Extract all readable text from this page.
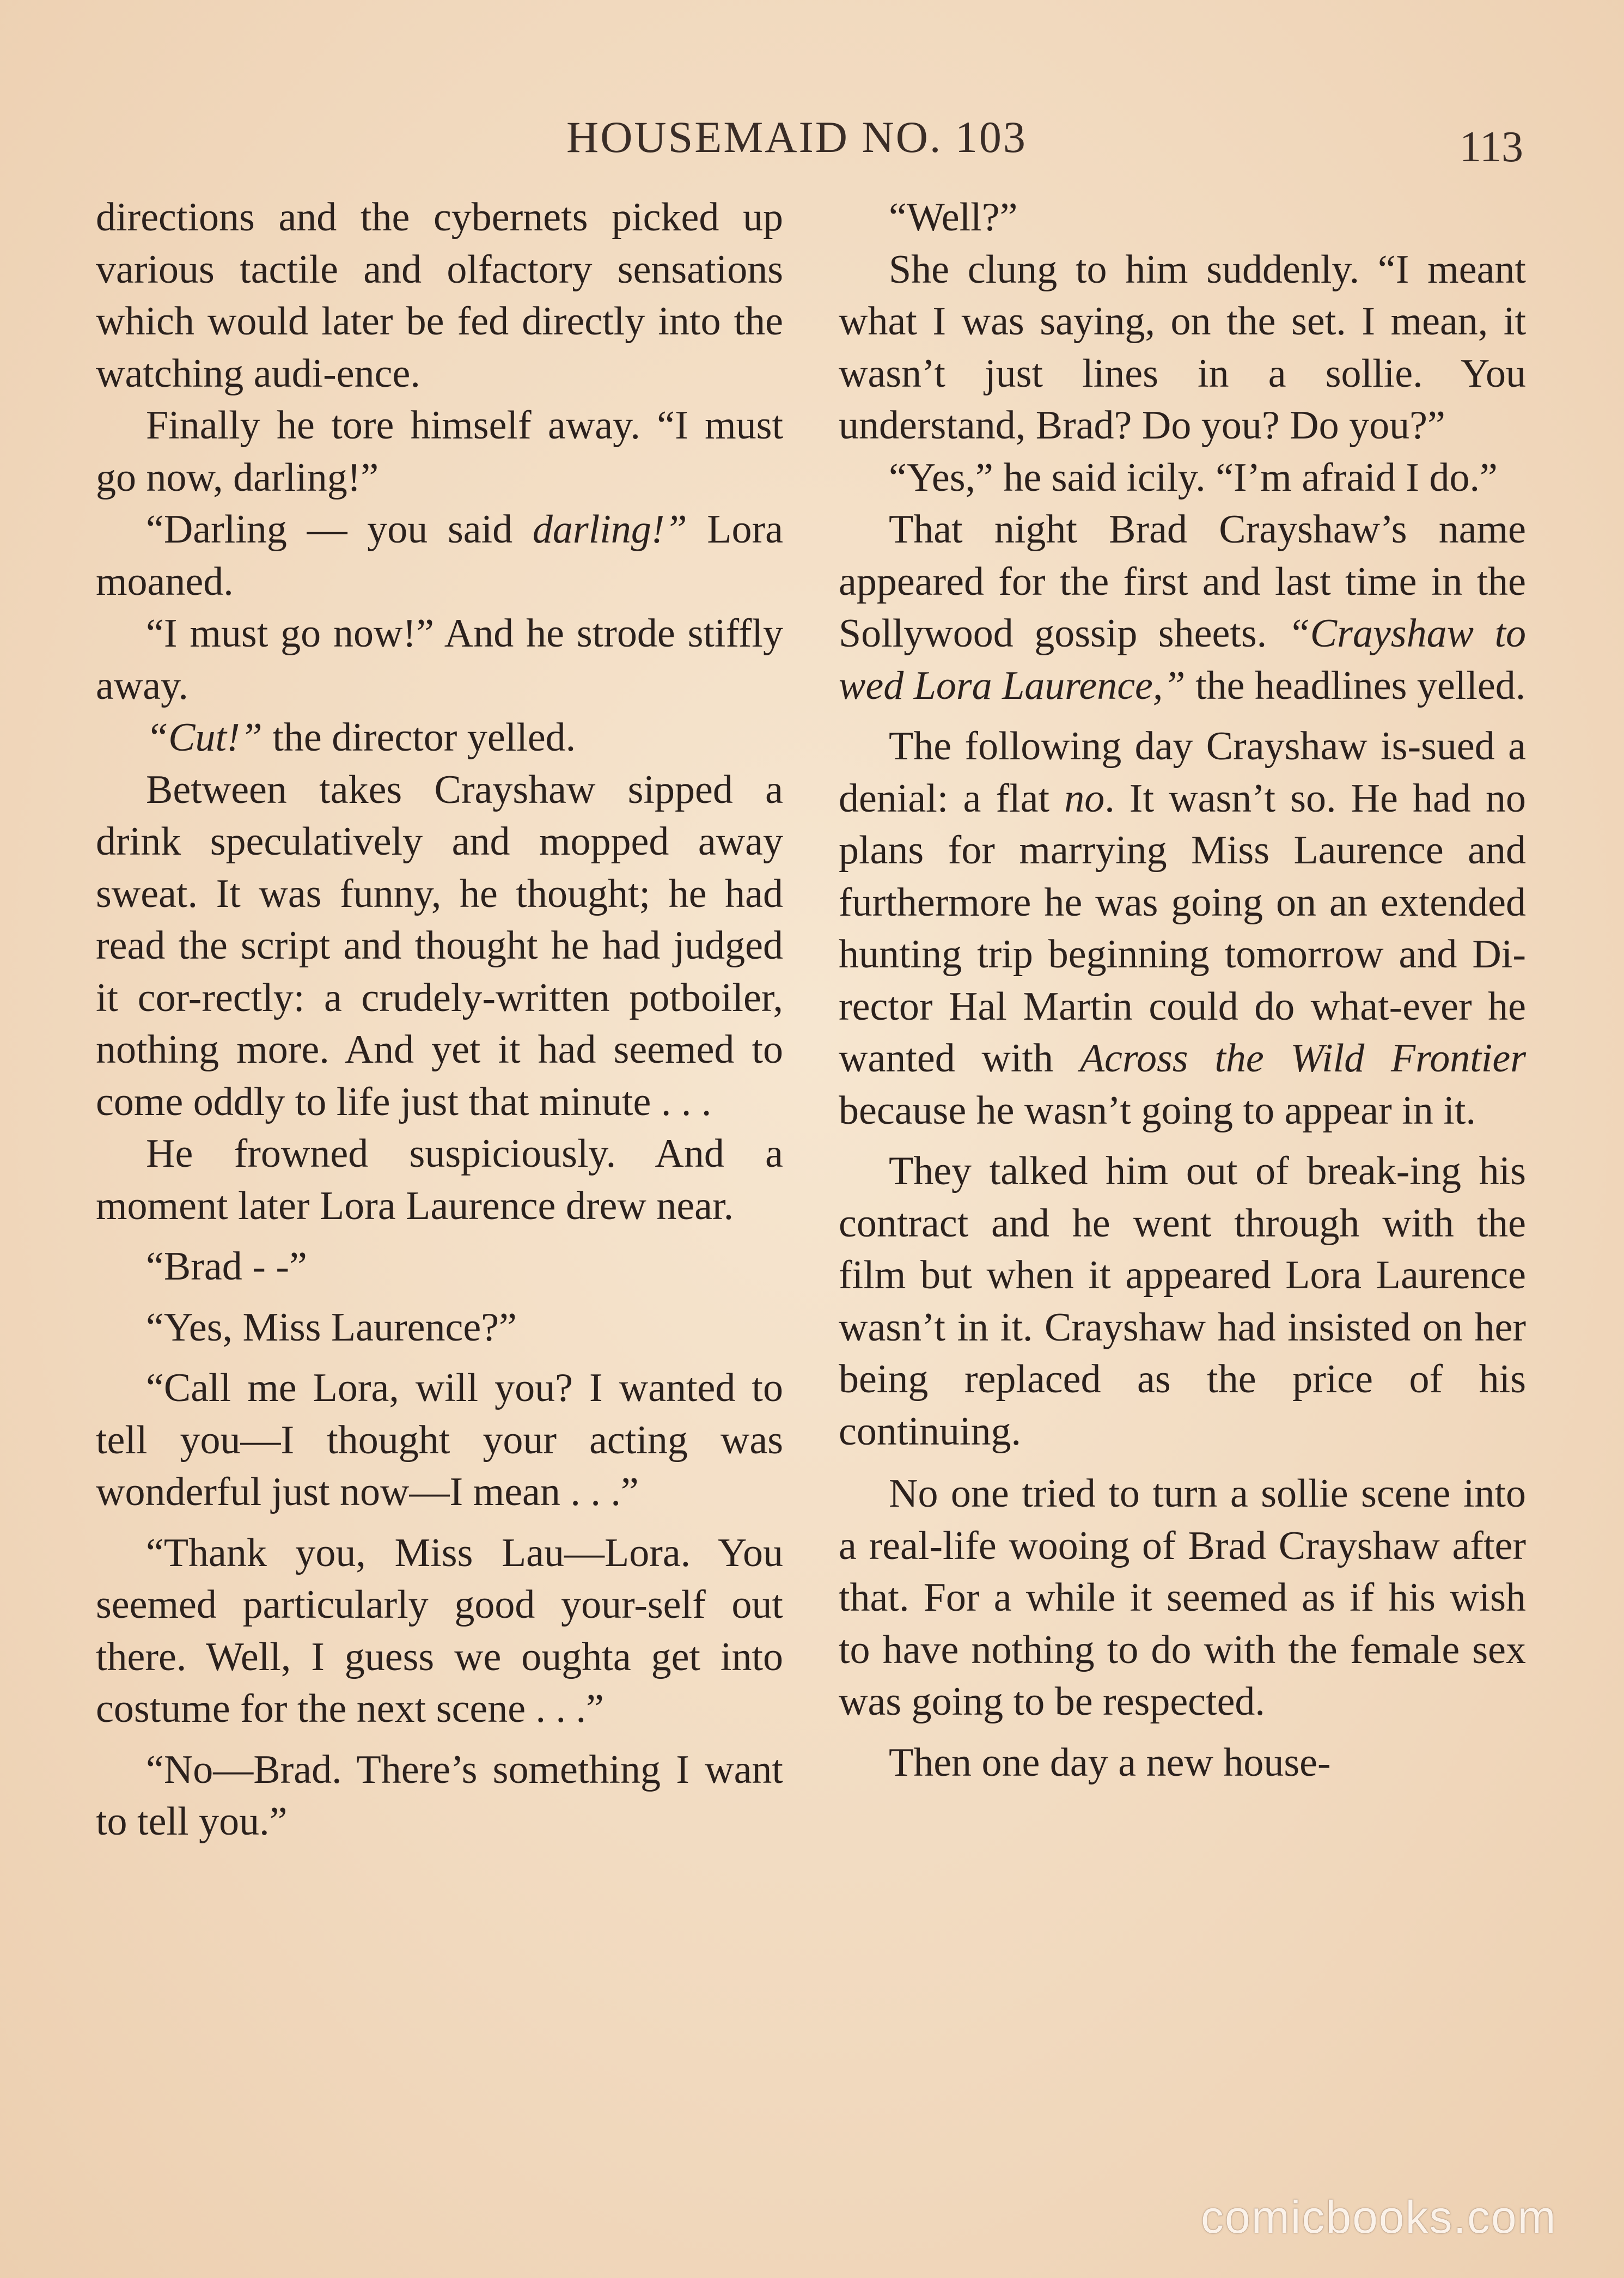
HOUSEMAID NO. 103	113

directions and the cybernets picked up various tactile and olfactory sensations which would later be fed directly into the watching audi-ence.

Finally he tore himself away. “I must go now, darling!”

“Darling — you said darling!” Lora moaned.

“I must go now!” And he strode stiffly away.

“Cut!” the director yelled.

Between takes Crayshaw sipped a drink speculatively and mopped away sweat. It was funny, he thought; he had read the script and thought he had judged it cor-rectly: a crudely-written potboiler, nothing more. And yet it had seemed to come oddly to life just that minute . . .

He frowned suspiciously. And a moment later Lora Laurence drew near.

“Brad - -”

“Yes, Miss Laurence?”

“Call me Lora, will you? I wanted to tell you—I thought your acting was wonderful just now—I mean . . .”

“Thank you, Miss Lau—Lora. You seemed particularly good your-self out there. Well, I guess we oughta get into costume for the next scene . . .”

“No—Brad. There’s something I want to tell you.”

“Well?”

She clung to him suddenly. “I meant what I was saying, on the set. I mean, it wasn’t just lines in a sollie. You understand, Brad? Do you? Do you?”

“Yes,” he said icily. “I’m afraid I do.”

That night Brad Crayshaw’s name appeared for the first and last time in the Sollywood gossip sheets. “Crayshaw to wed Lora Laurence,” the headlines yelled.

The following day Crayshaw is-sued a denial: a flat no. It wasn’t so. He had no plans for marrying Miss Laurence and furthermore he was going on an extended hunting trip beginning tomorrow and Di-rector Hal Martin could do what-ever he wanted with Across the Wild Frontier because he wasn’t going to appear in it.

They talked him out of break-ing his contract and he went through with the film but when it appeared Lora Laurence wasn’t in it. Crayshaw had insisted on her being replaced as the price of his continuing.

No one tried to turn a sollie scene into a real-life wooing of Brad Crayshaw after that. For a while it seemed as if his wish to have nothing to do with the female sex was going to be respected.

Then one day a new house-

comicbooks.com
